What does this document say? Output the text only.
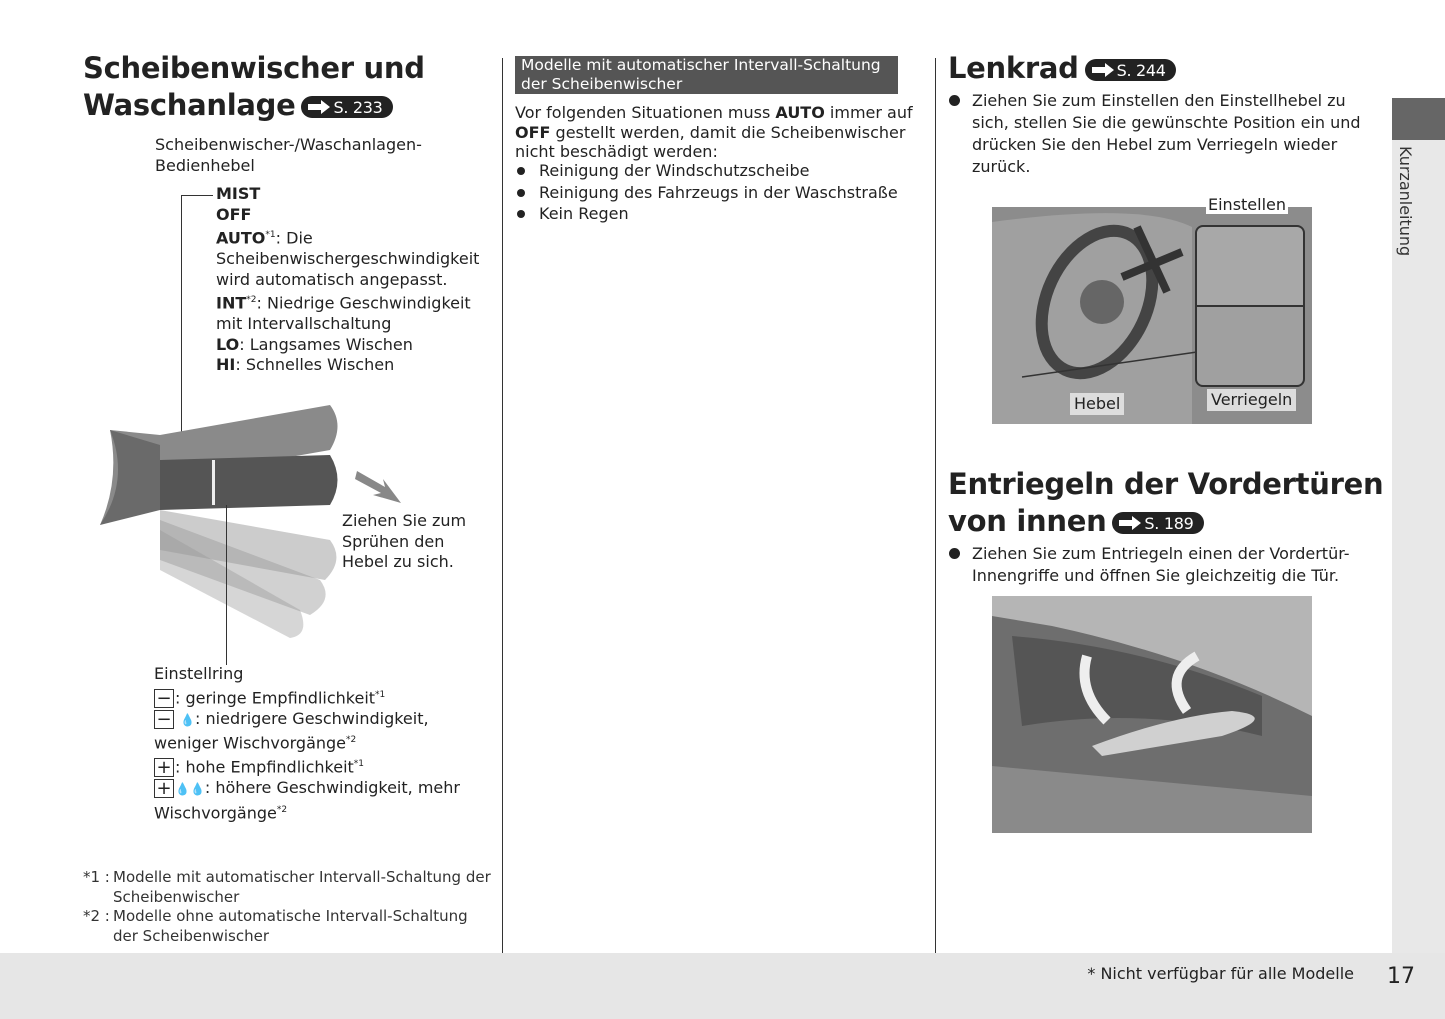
Kurzanleitung
* Nicht verfügbar für alle Modelle 17
Scheibenwischer und
Waschanlage S. 233
Scheibenwischer-/Waschanlagen-
Bedienhebel
MIST
OFF
AUTO$^{*1}$: Die Scheibenwischergeschwindigkeit wird automatisch angepasst.
INT$^{*2}$: Niedrige Geschwindigkeit mit Intervallschaltung
LO: Langsames Wischen
HI: Schnelles Wischen
Ziehen Sie zum Sprühen den Hebel zu sich.
Einstellring
− : geringe Empfindlichkeit$^{*1}$
− 💧: niedrigere Geschwindigkeit, weniger Wischvorgänge$^{*2}$
+ : hohe Empfindlichkeit$^{*1}$
+ 💧💧: höhere Geschwindigkeit, mehr Wischvorgänge$^{*2}$
*1 : Modelle mit automatischer Intervall-Schaltung der Scheibenwischer
*2 : Modelle ohne automatische Intervall-Schaltung der Scheibenwischer
Modelle mit automatischer Intervall-Schaltung der Scheibenwischer
Vor folgenden Situationen muss AUTO immer auf OFF gestellt werden, damit die Scheibenwischer nicht beschädigt werden:
Reinigung der Windschutzscheibe
Reinigung des Fahrzeugs in der Waschstraße
Kein Regen
Lenkrad S. 244
Ziehen Sie zum Einstellen den Einstellhebel zu sich, stellen Sie die gewünschte Position ein und drücken Sie den Hebel zum Verriegeln wieder zurück.
Einstellen
Hebel	Verriegeln
Entriegeln der Vordertüren
von innen S. 189
Ziehen Sie zum Entriegeln einen der Vordertür-Innengriffe und öffnen Sie gleichzeitig die Tür.
